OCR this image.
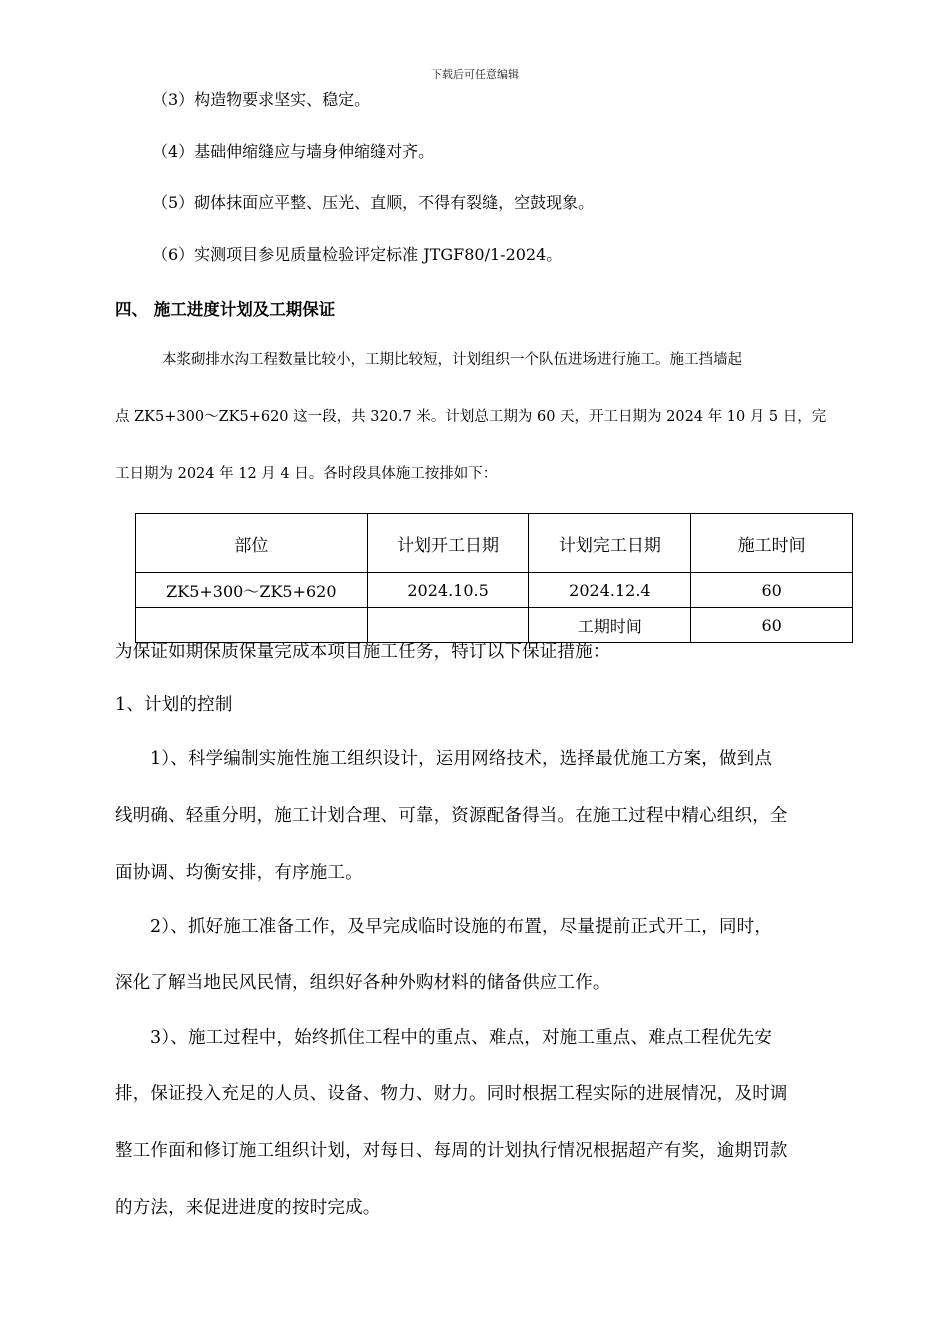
下载后可任意编辑
（3）构造物要求坚实、稳定。
（4）基础伸缩缝应与墙身伸缩缝对齐。
（5）砌体抹面应平整、压光、直顺，不得有裂缝，空鼓现象。
（6）实测项目参见质量检验评定标准 JTGF80/1-2024。
四、 施工进度计划及工期保证
本浆砌排水沟工程数量比较小，工期比较短，计划组织一个队伍进场进行施工。施工挡墙起
点 ZK5+300～ZK5+620 这一段，共 320.7 米。计划总工期为 60 天，开工日期为 2024 年 10 月 5 日，完
工日期为 2024 年 12 月 4 日。各时段具体施工按排如下：
部位	计划开工日期	计划完工日期	施工时间
ZK5+300～ZK5+620	2024.10.5	2024.12.4	60
		工期时间	60
为保证如期保质保量完成本项目施工任务，特订以下保证措施：
1、计划的控制
1）、科学编制实施性施工组织设计，运用网络技术，选择最优施工方案，做到点
线明确、轻重分明，施工计划合理、可靠，资源配备得当。在施工过程中精心组织，全
面协调、均衡安排，有序施工。
2）、抓好施工准备工作，及早完成临时设施的布置，尽量提前正式开工，同时，
深化了解当地民风民情，组织好各种外购材料的储备供应工作。
3）、施工过程中，始终抓住工程中的重点、难点，对施工重点、难点工程优先安
排，保证投入充足的人员、设备、物力、财力。同时根据工程实际的进展情况，及时调
整工作面和修订施工组织计划，对每日、每周的计划执行情况根据超产有奖，逾期罚款
的方法，来促进进度的按时完成。
